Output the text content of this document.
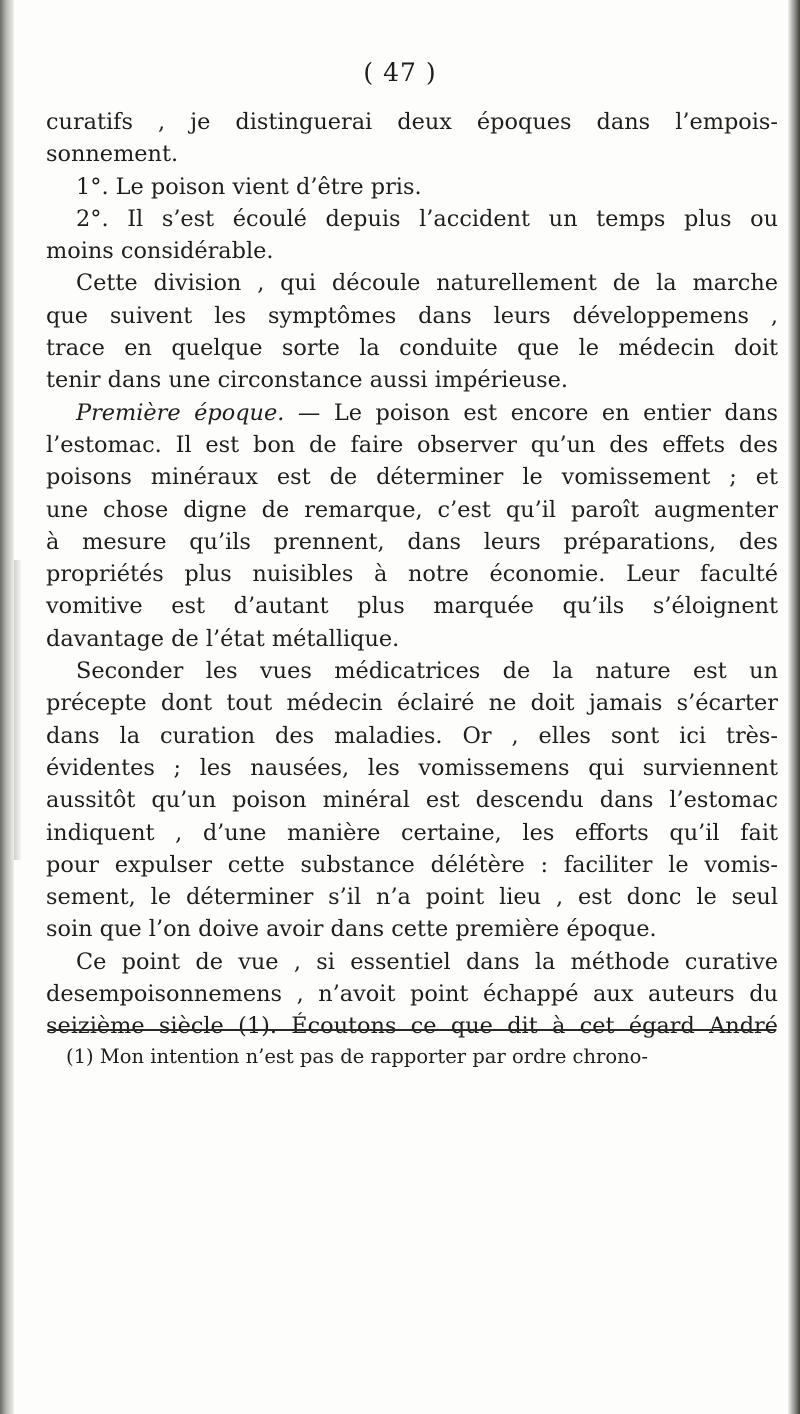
( 47 )
curatifs , je distinguerai deux époques dans l’empois-
sonnement.
1°. Le poison vient d’être pris.
2°. Il s’est écoulé depuis l’accident un temps plus ou
moins considérable.
Cette division , qui découle naturellement de la marche
que suivent les symptômes dans leurs développemens ,
trace en quelque sorte la conduite que le médecin doit
tenir dans une circonstance aussi impérieuse.
Première époque. — Le poison est encore en entier dans
l’estomac. Il est bon de faire observer qu’un des effets des
poisons minéraux est de déterminer le vomissement ; et
une chose digne de remarque, c’est qu’il paroît augmenter
à mesure qu’ils prennent, dans leurs préparations, des
propriétés plus nuisibles à notre économie. Leur faculté
vomitive est d’autant plus marquée qu’ils s’éloignent
davantage de l’état métallique.
Seconder les vues médicatrices de la nature est un
précepte dont tout médecin éclairé ne doit jamais s’écarter
dans la curation des maladies. Or , elles sont ici très-
évidentes ; les nausées, les vomissemens qui surviennent
aussitôt qu’un poison minéral est descendu dans l’estomac
indiquent , d’une manière certaine, les efforts qu’il fait
pour expulser cette substance délétère : faciliter le vomis-
sement, le déterminer s’il n’a point lieu , est donc le seul
soin que l’on doive avoir dans cette première époque.
Ce point de vue , si essentiel dans la méthode curative
desempoisonnemens , n’avoit point échappé aux auteurs du
seizième siècle (1). Écoutons ce que dit à cet égard André
(1) Mon intention n’est pas de rapporter par ordre chrono-
